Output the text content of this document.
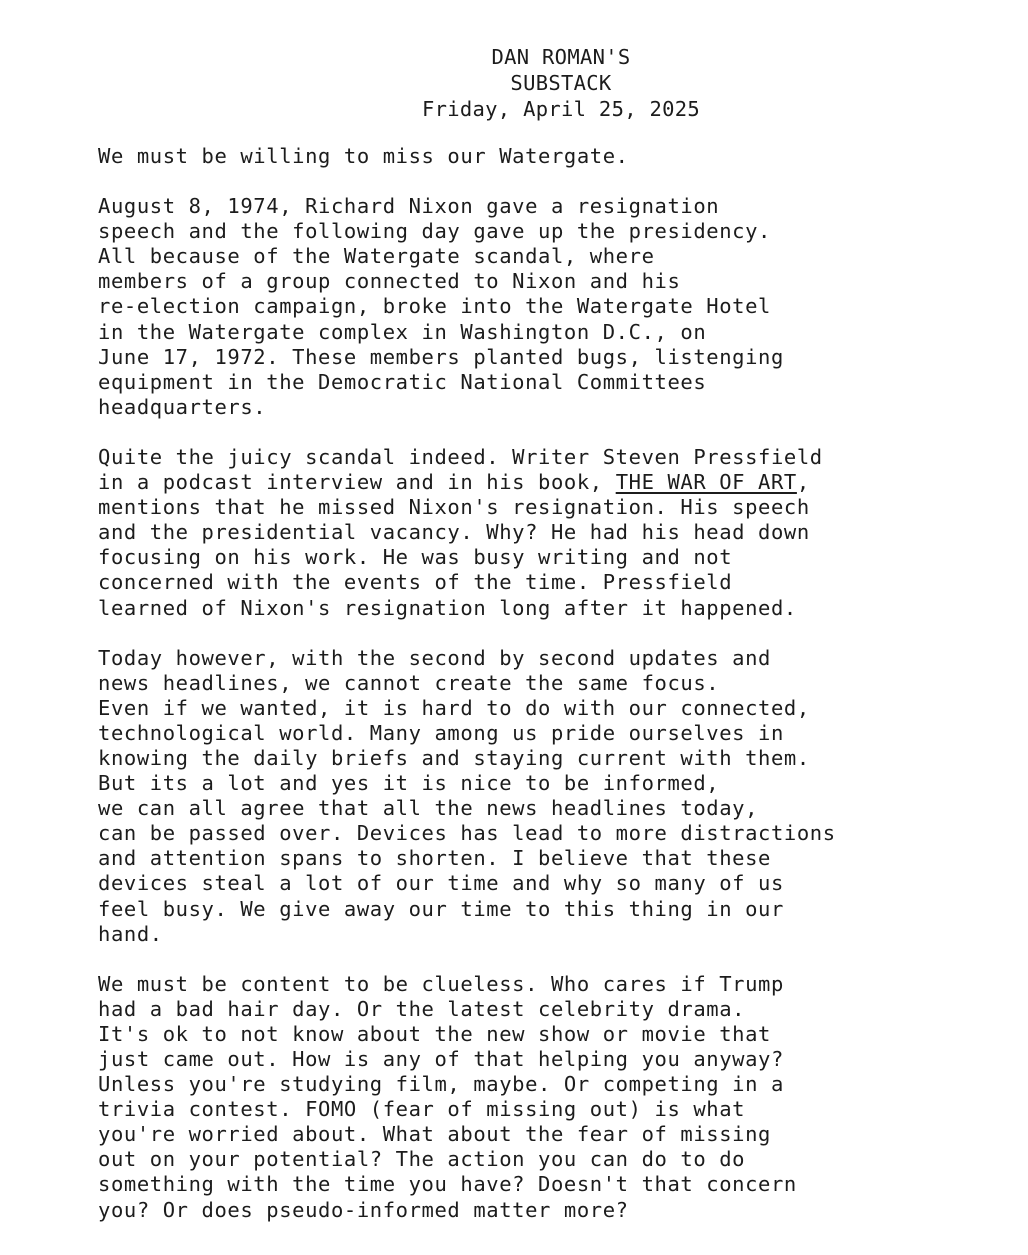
DAN ROMAN'S
SUBSTACK
Friday, April 25, 2025
We must be willing to miss our Watergate.
August 8, 1974, Richard Nixon gave a resignation
speech and the following day gave up the presidency.
All because of the Watergate scandal, where
members of a group connected to Nixon and his
re-election campaign, broke into the Watergate Hotel
in the Watergate complex in Washington D.C., on
June 17, 1972. These members planted bugs, listenging
equipment in the Democratic National Committees
headquarters.
Quite the juicy scandal indeed. Writer Steven Pressfield
in a podcast interview and in his book, THE WAR OF ART,
mentions that he missed Nixon's resignation. His speech
and the presidential vacancy. Why? He had his head down
focusing on his work. He was busy writing and not
concerned with the events of the time. Pressfield
learned of Nixon's resignation long after it happened.
Today however, with the second by second updates and
news headlines, we cannot create the same focus.
Even if we wanted, it is hard to do with our connected,
technological world. Many among us pride ourselves in
knowing the daily briefs and staying current with them.
But its a lot and yes it is nice to be informed,
we can all agree that all the news headlines today,
can be passed over. Devices has lead to more distractions
and attention spans to shorten. I believe that these
devices steal a lot of our time and why so many of us
feel busy. We give away our time to this thing in our
hand.
We must be content to be clueless. Who cares if Trump
had a bad hair day. Or the latest celebrity drama.
It's ok to not know about the new show or movie that
just came out. How is any of that helping you anyway?
Unless you're studying film, maybe. Or competing in a
trivia contest. FOMO (fear of missing out) is what
you're worried about. What about the fear of missing
out on your potential? The action you can do to do
something with the time you have? Doesn't that concern
you? Or does pseudo-informed matter more?
